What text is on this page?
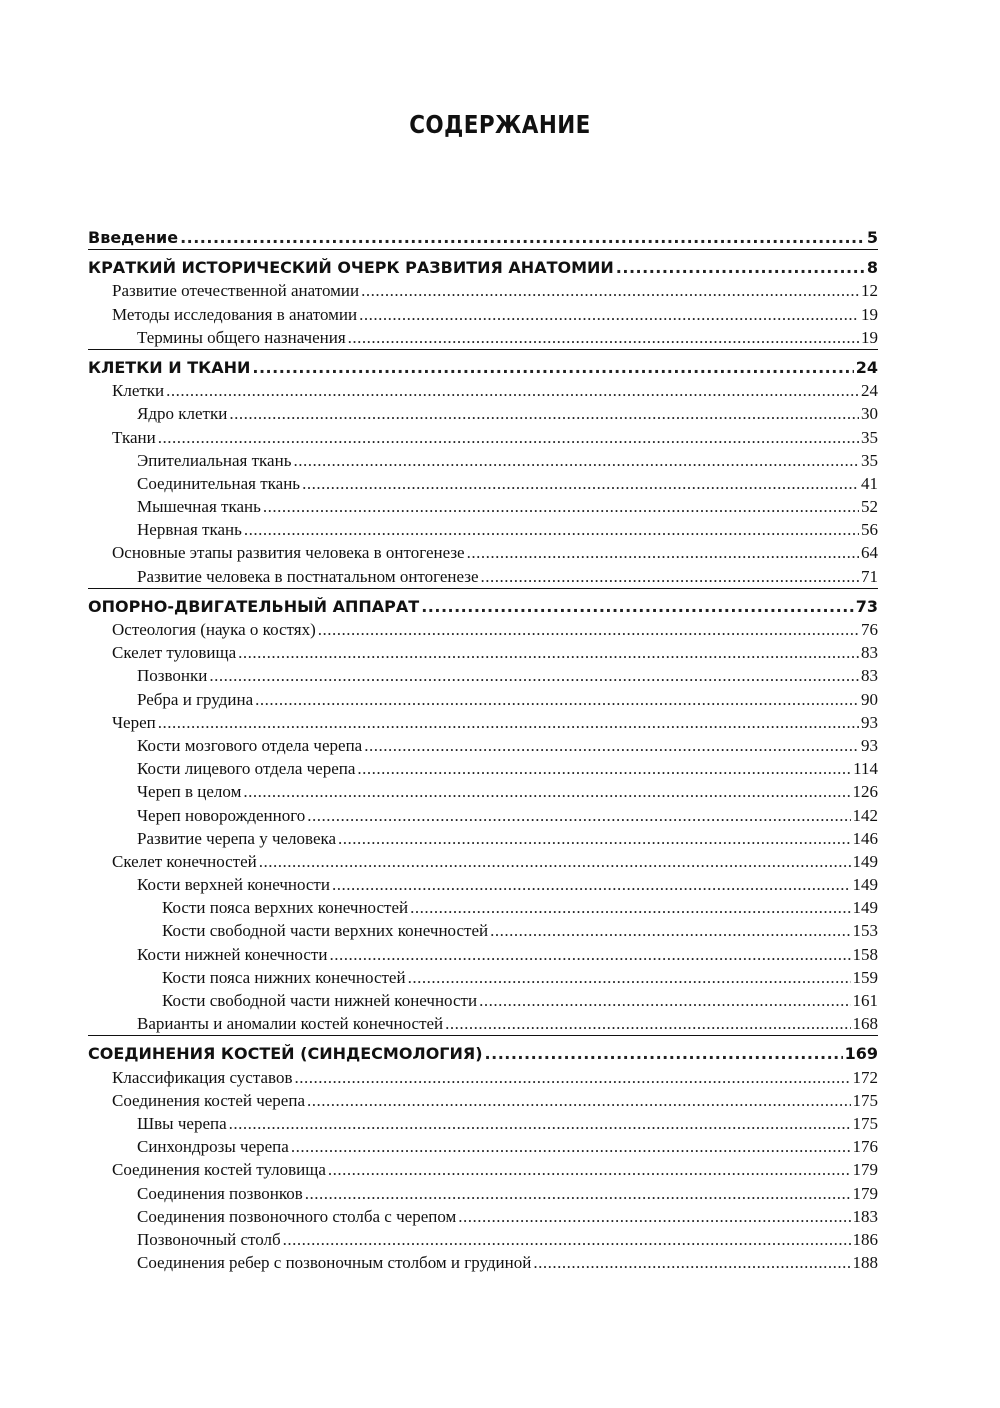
СОДЕРЖАНИЕ
Введение .....	5
КРАТКИЙ ИСТОРИЧЕСКИЙ ОЧЕРК РАЗВИТИЯ АНАТОМИИ .....	8
Развитие отечественной анатомии .....	12
Методы исследования в анатомии .....	19
Термины общего назначения .....	19
КЛЕТКИ И ТКАНИ .....	24
Клетки .....	24
Ядро клетки .....	30
Ткани .....	35
Эпителиальная ткань .....	35
Соединительная ткань .....	41
Мышечная ткань .....	52
Нервная ткань .....	56
Основные этапы развития человека в онтогенезе .....	64
Развитие человека в постнатальном онтогенезе .....	71
ОПОРНО-ДВИГАТЕЛЬНЫЙ АППАРАТ .....	73
Остеология (наука о костях) .....	76
Скелет туловища .....	83
Позвонки .....	83
Ребра и грудина .....	90
Череп .....	93
Кости мозгового отдела черепа .....	93
Кости лицевого отдела черепа .....	114
Череп в целом .....	126
Череп новорожденного .....	142
Развитие черепа у человека .....	146
Скелет конечностей .....	149
Кости верхней конечности .....	149
Кости пояса верхних конечностей .....	149
Кости свободной части верхних конечностей .....	153
Кости нижней конечности .....	158
Кости пояса нижних конечностей .....	159
Кости свободной части нижней конечности .....	161
Варианты и аномалии костей конечностей .....	168
СОЕДИНЕНИЯ КОСТЕЙ (СИНДЕСМОЛОГИЯ) .....	169
Классификация суставов .....	172
Соединения костей черепа .....	175
Швы черепа .....	175
Синхондрозы черепа .....	176
Соединения костей туловища .....	179
Соединения позвонков .....	179
Соединения позвоночного столба с черепом .....	183
Позвоночный столб .....	186
Соединения ребер с позвоночным столбом и грудиной .....	188
